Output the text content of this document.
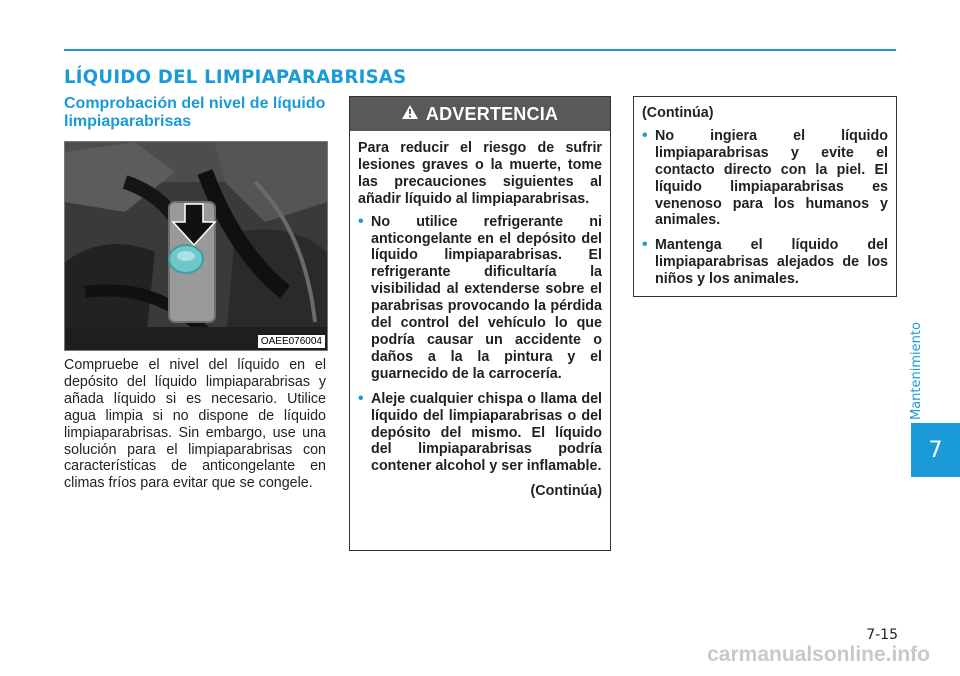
LÍQUIDO DEL LIMPIAPARABRISAS
Comprobación del nivel de líquido limpiaparabrisas
OAEE076004

Compruebe el nivel del líquido en el depósito del líquido limpiaparabrisas y añada líquido si es necesario. Utilice agua limpia si no dispone de líquido limpiaparabrisas. Sin embargo, use una solución para el limpiaparabrisas con características de anticongelante en climas fríos para evitar que se congele.

ADVERTENCIA

Para reducir el riesgo de sufrir lesiones graves o la muerte, tome las precauciones siguientes al añadir líquido al limpiaparabrisas.

• No utilice refrigerante ni anticongelante en el depósito del líquido limpiaparabrisas. El refrigerante dificultaría la visibilidad al extenderse sobre el parabrisas provocando la pérdida del control del vehículo lo que podría causar un accidente o daños a la la pintura y el guarnecido de la carrocería.
• Aleje cualquier chispa o llama del líquido del limpiaparabrisas o del depósito del mismo. El líquido del limpiaparabrisas podría contener alcohol y ser inflamable.
(Continúa)

(Continúa)

• No ingiera el líquido limpiaparabrisas y evite el contacto directo con la piel. El líquido limpiaparabrisas es venenoso para los humanos y animales.
• Mantenga el líquido del limpiaparabrisas alejados de los niños y los animales.
Mantenimiento
7
7-15
carmanualsonline.info
